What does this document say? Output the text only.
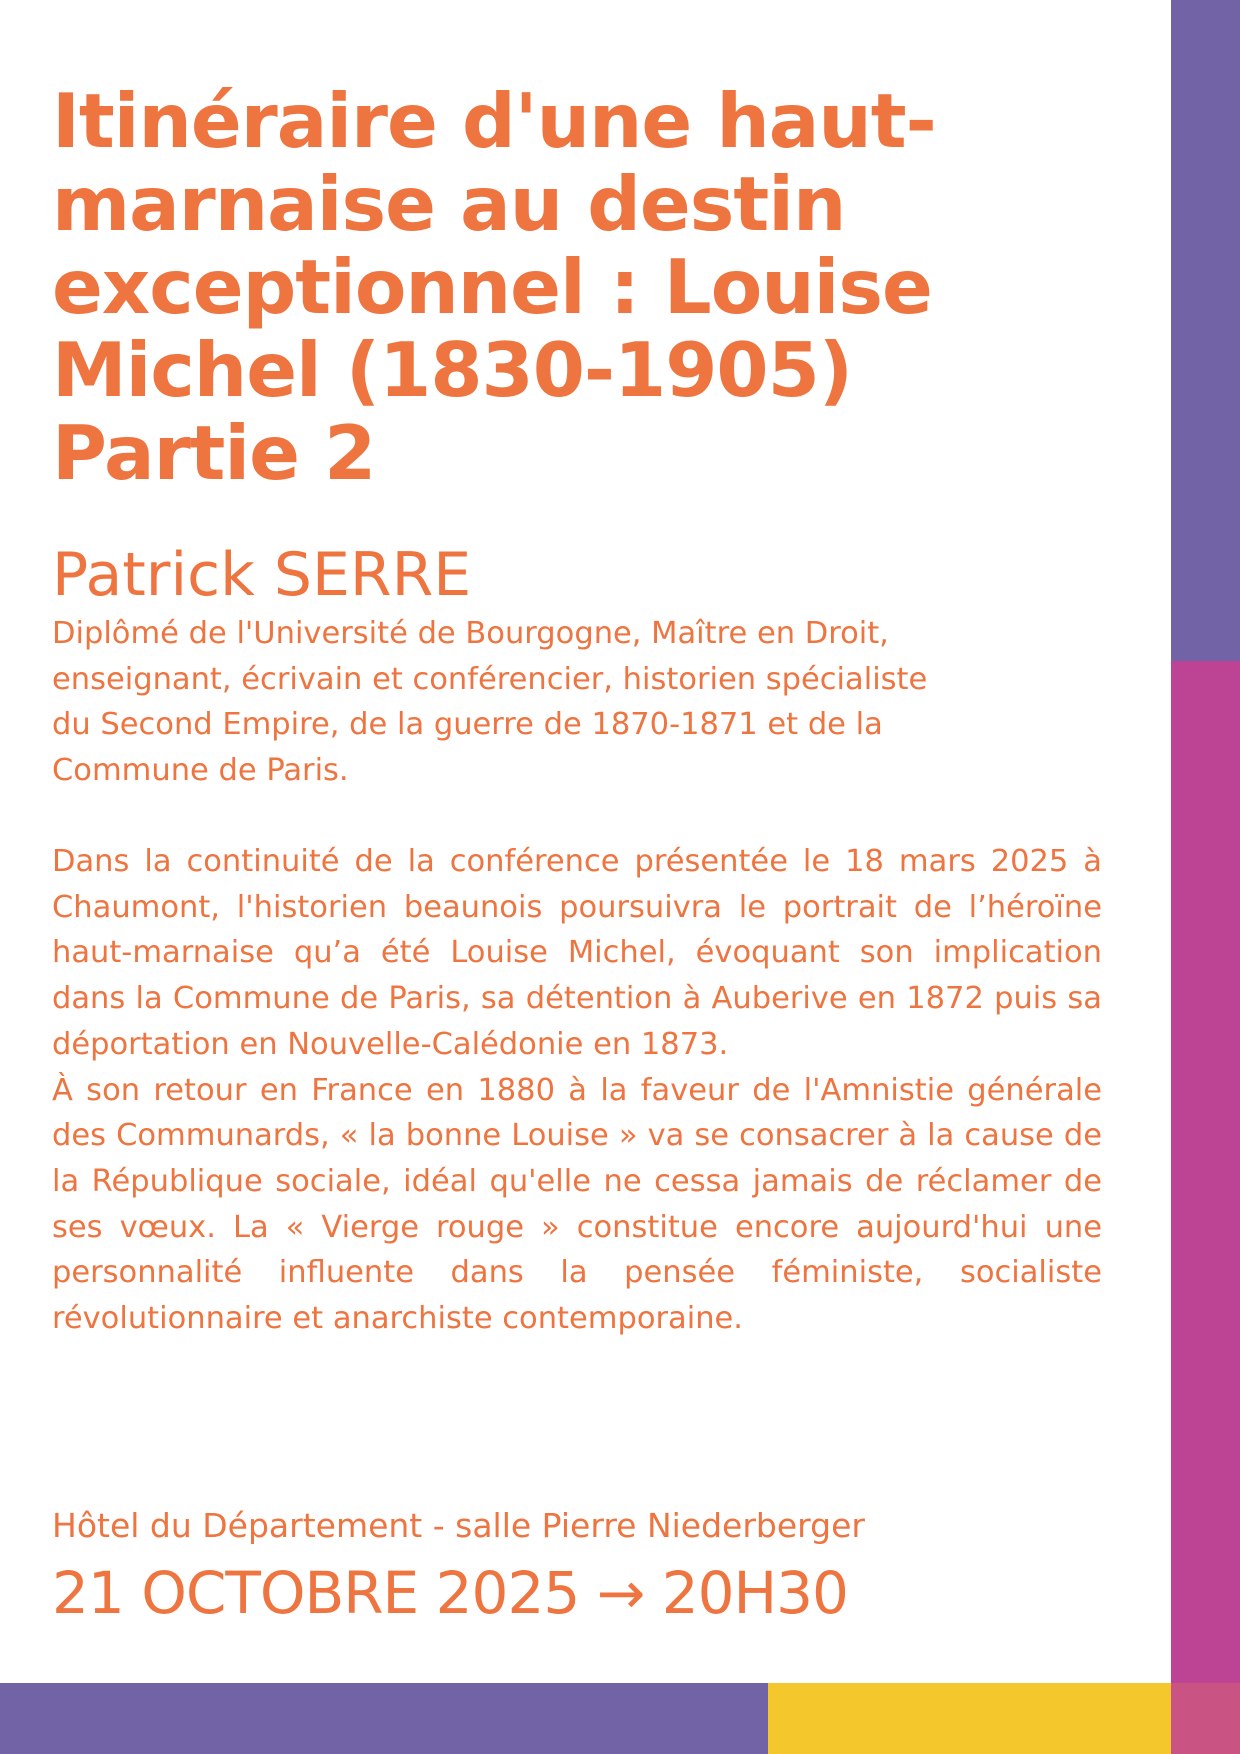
Itinéraire d'une haut-
marnaise au destin
exceptionnel : Louise
Michel (1830-1905)
Partie 2
Patrick SERRE
Diplômé de l'Université de Bourgogne, Maître en Droit,
enseignant, écrivain et conférencier, historien spécialiste
du Second Empire, de la guerre de 1870-1871 et de la
Commune de Paris.

Dans la continuité de la conférence présentée le 18 mars 2025 à Chaumont, l'historien beaunois poursuivra le portrait de l’héroïne haut-marnaise qu’a été Louise Michel, évoquant son implication dans la Commune de Paris, sa détention à Auberive en 1872 puis sa déportation en Nouvelle-Calédonie en 1873.

À son retour en France en 1880 à la faveur de l'Amnistie générale des Communards, « la bonne Louise » va se consacrer à la cause de la République sociale, idéal qu'elle ne cessa jamais de réclamer de ses vœux. La « Vierge rouge » constitue encore aujourd'hui une personnalité influente dans la pensée féministe, socialiste révolutionnaire et anarchiste contemporaine.

Hôtel du Département - salle Pierre Niederberger
21 OCTOBRE 2025 → 20H30
